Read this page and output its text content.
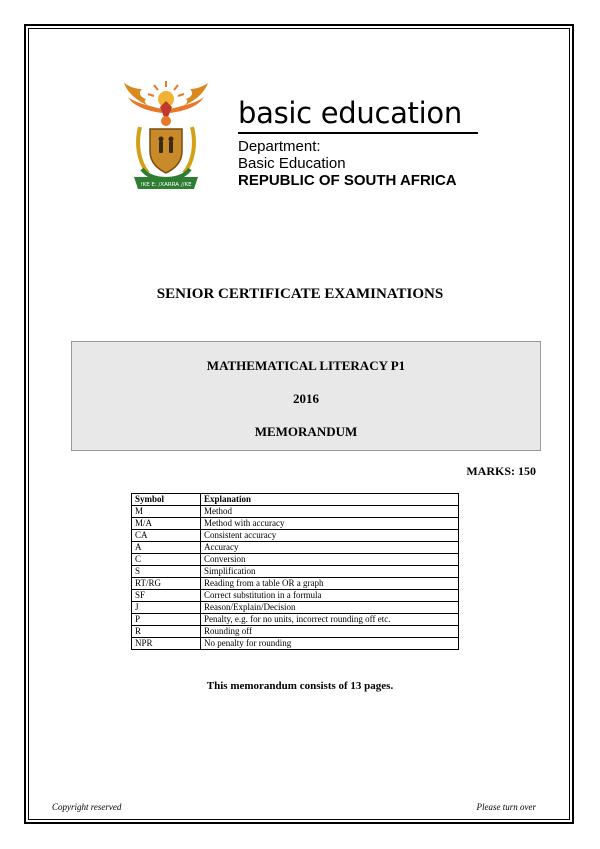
!KE E: /XARRA //KE
basic education
Department:
Basic Education
REPUBLIC OF SOUTH AFRICA
SENIOR CERTIFICATE EXAMINATIONS
MATHEMATICAL LITERACY P1
2016
MEMORANDUM
MARKS: 150
Symbol	Explanation
M	Method
M/A	Method with accuracy
CA	Consistent accuracy
A	Accuracy
C	Conversion
S	Simplification
RT/RG	Reading from a table OR a graph
SF	Correct substitution in a formula
J	Reason/Explain/Decision
P	Penalty, e.g. for no units, incorrect rounding off etc.
R	Rounding off
NPR	No penalty for rounding
This memorandum consists of 13 pages.
Copyright reserved	Please turn over
